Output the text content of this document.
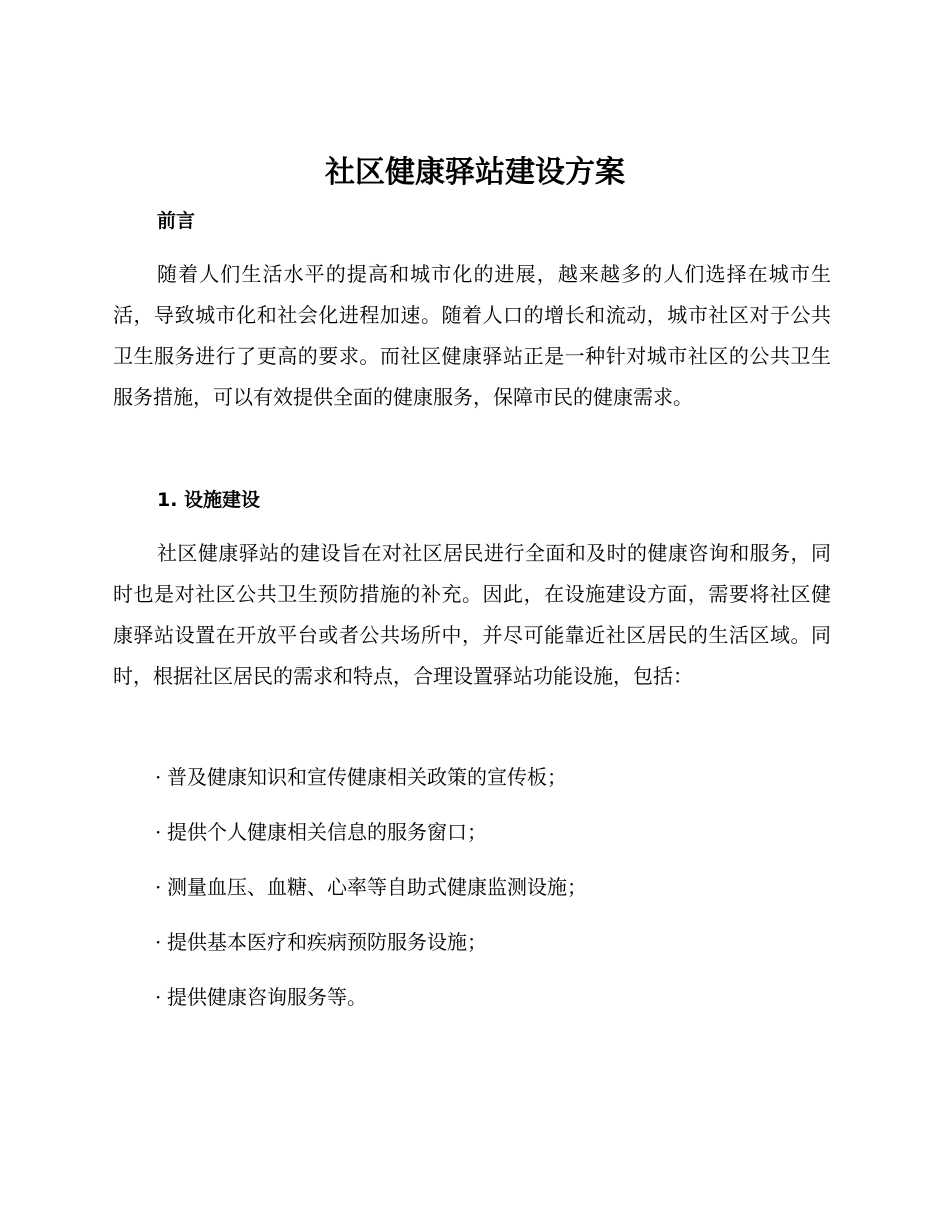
社区健康驿站建设方案
前言

随着人们生活水平的提高和城市化的进展，越来越多的人们选择在城市生活，导致城市化和社会化进程加速。随着人口的增长和流动，城市社区对于公共卫生服务进行了更高的要求。而社区健康驿站正是一种针对城市社区的公共卫生服务措施，可以有效提供全面的健康服务，保障市民的健康需求。

1. 设施建设

社区健康驿站的建设旨在对社区居民进行全面和及时的健康咨询和服务，同时也是对社区公共卫生预防措施的补充。因此，在设施建设方面，需要将社区健康驿站设置在开放平台或者公共场所中，并尽可能靠近社区居民的生活区域。同时，根据社区居民的需求和特点，合理设置驿站功能设施，包括：

· 普及健康知识和宣传健康相关政策的宣传板；
· 提供个人健康相关信息的服务窗口；
· 测量血压、血糖、心率等自助式健康监测设施；
· 提供基本医疗和疾病预防服务设施；
· 提供健康咨询服务等。
